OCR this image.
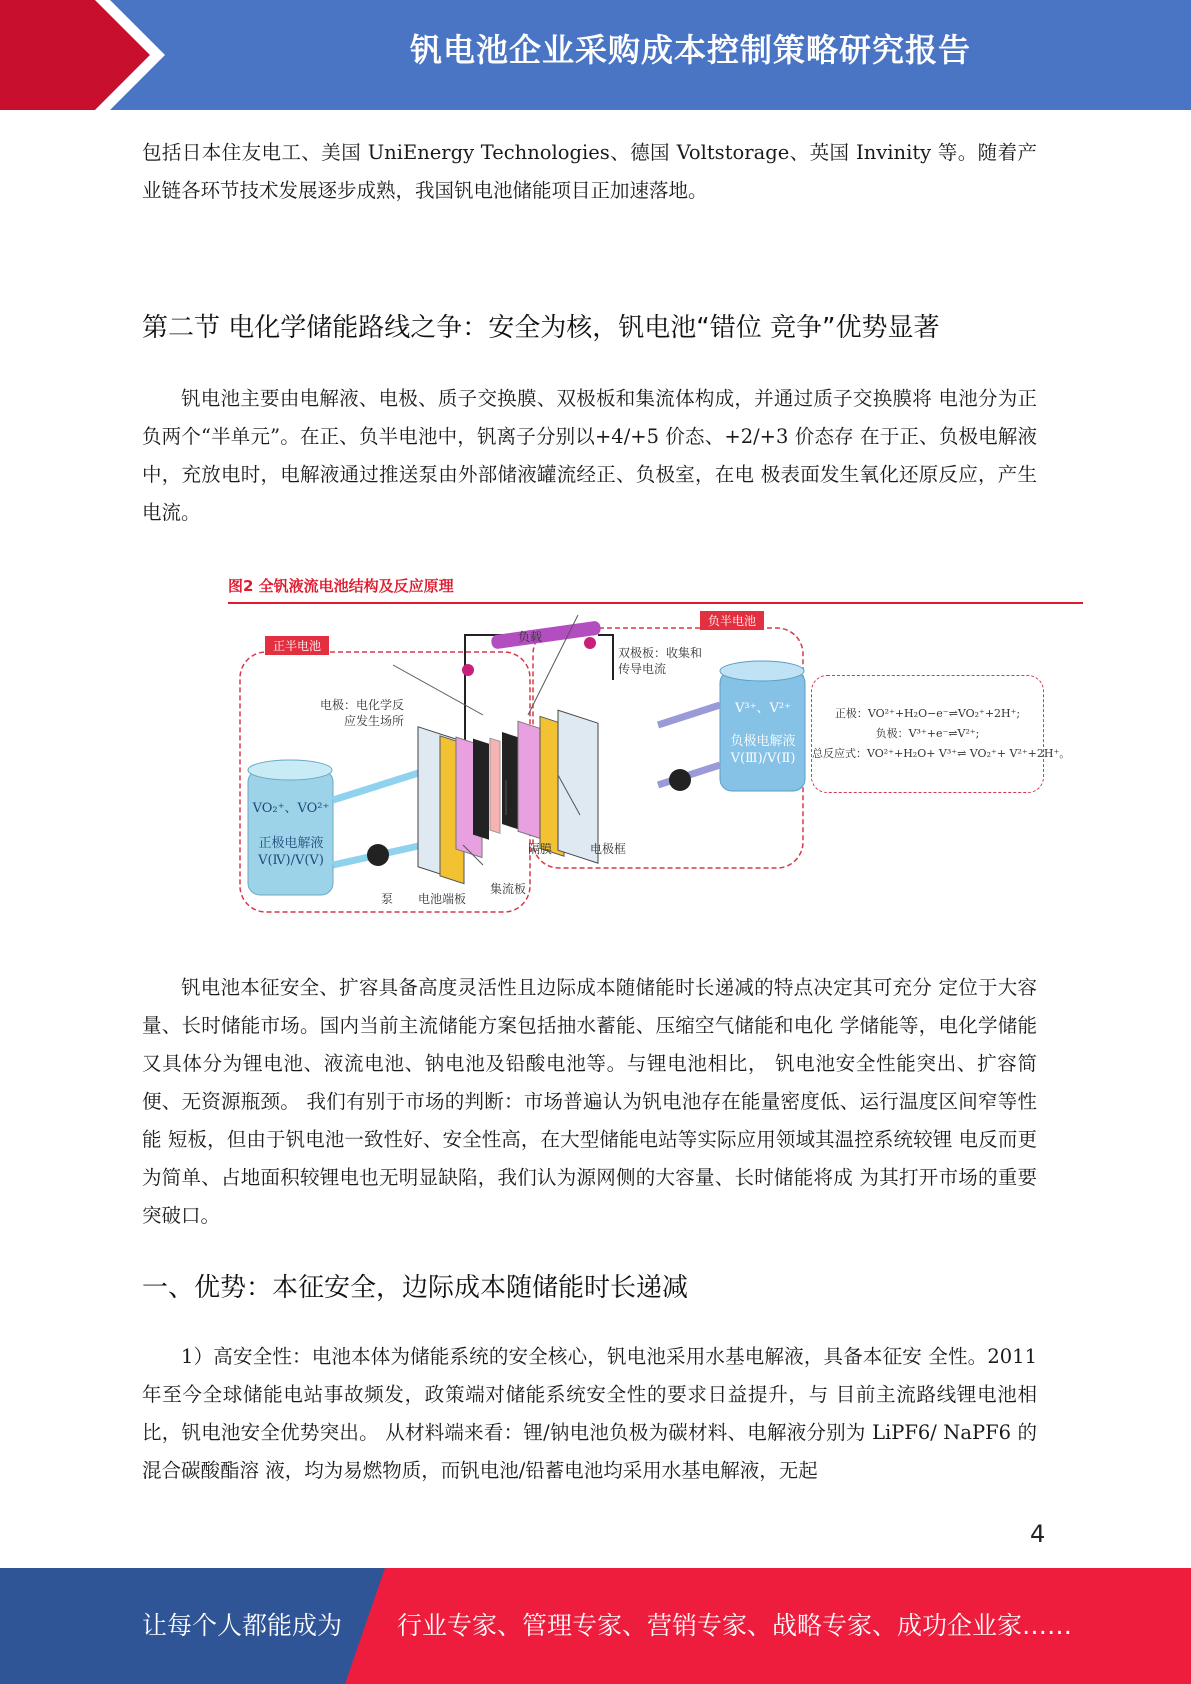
钒电池企业采购成本控制策略研究报告

包括日本住友电工、美国 UniEnergy Technologies、德国 Voltstorage、英国 Invinity 等。随着产业链各环节技术发展逐步成熟，我国钒电池储能项目正加速落地。

第二节 电化学储能路线之争：安全为核，钒电池“错位 竞争”优势显著

钒电池主要由电解液、电极、质子交换膜、双极板和集流体构成，并通过质子交换膜将 电池分为正负两个“半单元”。在正、负半电池中，钒离子分别以+4/+5 价态、+2/+3 价态存 在于正、负极电解液中，充放电时，电解液通过推送泵由外部储液罐流经正、负极室，在电 极表面发生氧化还原反应，产生电流。

图2 全钒液流电池结构及反应原理
正半电池
负半电池
负载
电极：电化学反
应发生场所
双极板：收集和
传导电流
隔膜	电极框
泵 电池端板
集流板
VO₂⁺、VO²⁺
正极电解液
V(Ⅳ)/V(Ⅴ)
V³⁺、V²⁺
负极电解液
V(Ⅲ)/V(Ⅱ)
正极：VO²⁺+H₂O−e⁻⇌VO₂⁺+2H⁺;
负极：V³⁺+e⁻⇌V²⁺;
总反应式：VO²⁺+H₂O+ V³⁺⇌ VO₂⁺+ V²⁺+2H⁺。

钒电池本征安全、扩容具备高度灵活性且边际成本随储能时长递减的特点决定其可充分 定位于大容量、长时储能市场。国内当前主流储能方案包括抽水蓄能、压缩空气储能和电化 学储能等，电化学储能又具体分为锂电池、液流电池、钠电池及铅酸电池等。与锂电池相比， 钒电池安全性能突出、扩容简便、无资源瓶颈。 我们有别于市场的判断：市场普遍认为钒电池存在能量密度低、运行温度区间窄等性能 短板，但由于钒电池一致性好、安全性高，在大型储能电站等实际应用领域其温控系统较锂 电反而更为简单、占地面积较锂电也无明显缺陷，我们认为源网侧的大容量、长时储能将成 为其打开市场的重要突破口。

一、优势：本征安全，边际成本随储能时长递减

1）高安全性：电池本体为储能系统的安全核心，钒电池采用水基电解液，具备本征安 全性。2011 年至今全球储能电站事故频发，政策端对储能系统安全性的要求日益提升，与 目前主流路线锂电池相比，钒电池安全优势突出。 从材料端来看：锂/钠电池负极为碳材料、电解液分别为 LiPF6/ NaPF6 的混合碳酸酯溶 液，均为易燃物质，而钒电池/铅蓄电池均采用水基电解液，无起

4
让每个人都能成为 行业专家、管理专家、营销专家、战略专家、成功企业家……
